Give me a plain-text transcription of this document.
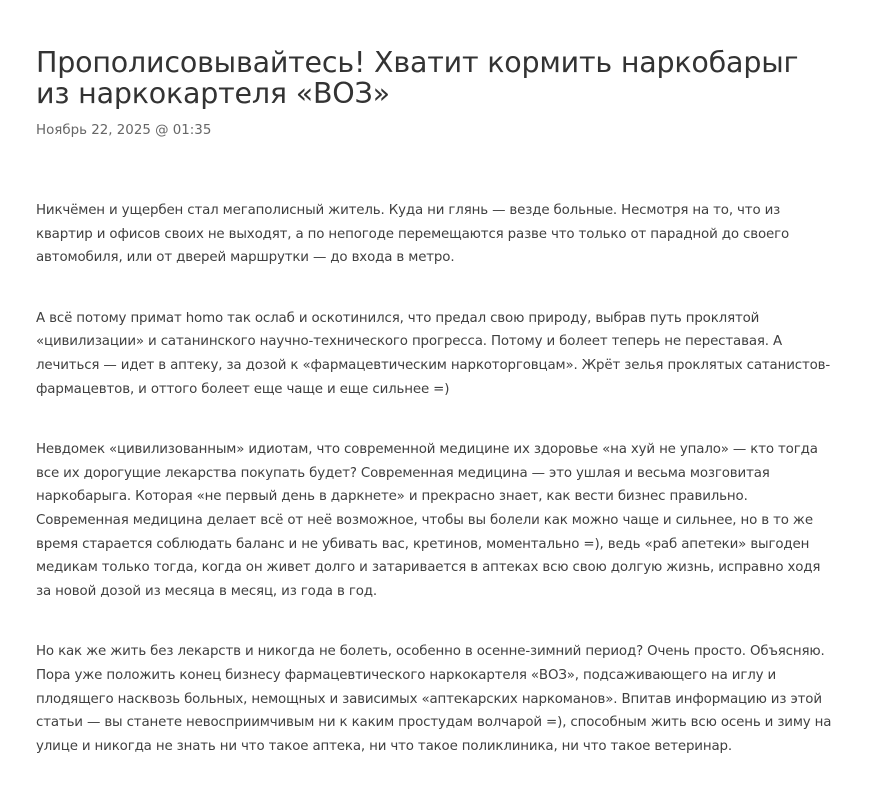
Прополисовывайтесь! Хватит кормить наркобарыг из наркокартеля «ВОЗ»
Ноябрь 22, 2025 @ 01:35

Никчёмен и ущербен стал мегаполисный житель. Куда ни глянь — везде больные. Несмотря на то, что из квартир и офисов своих не выходят, а по непогоде перемещаются разве что только от парадной до своего автомобиля, или от дверей маршрутки — до входа в метро.

А всё потому примат homo так ослаб и оскотинился, что предал свою природу, выбрав путь проклятой «цивилизации» и сатанинского научно-технического прогресса. Потому и болеет теперь не переставая. А лечиться — идет в аптеку, за дозой к «фармацевтическим наркоторговцам». Жрёт зелья проклятых сатанистов-фармацевтов, и оттого болеет еще чаще и еще сильнее =)

Невдомек «цивилизованным» идиотам, что современной медицине их здоровье «на хуй не упало» — кто тогда все их дорогущие лекарства покупать будет? Современная медицина — это ушлая и весьма мозговитая наркобарыга. Которая «не первый день в даркнете» и прекрасно знает, как вести бизнес правильно. Современная медицина делает всё от неё возможное, чтобы вы болели как можно чаще и сильнее, но в то же время старается соблюдать баланс и не убивать вас, кретинов, моментально =), ведь «раб апетеки» выгоден медикам только тогда, когда он живет долго и затаривается в аптеках всю свою долгую жизнь, исправно ходя за новой дозой из месяца в месяц, из года в год.

Но как же жить без лекарств и никогда не болеть, особенно в осенне-зимний период? Очень просто. Объясняю. Пора уже положить конец бизнесу фармацевтического наркокартеля «ВОЗ», подсаживающего на иглу и плодящего насквозь больных, немощных и зависимых «аптекарских наркоманов». Впитав информацию из этой статьи — вы станете невосприимчивым ни к каким простудам волчарой =), способным жить всю осень и зиму на улице и никогда не знать ни что такое аптека, ни что такое поликлиника, ни что такое ветеринар.
